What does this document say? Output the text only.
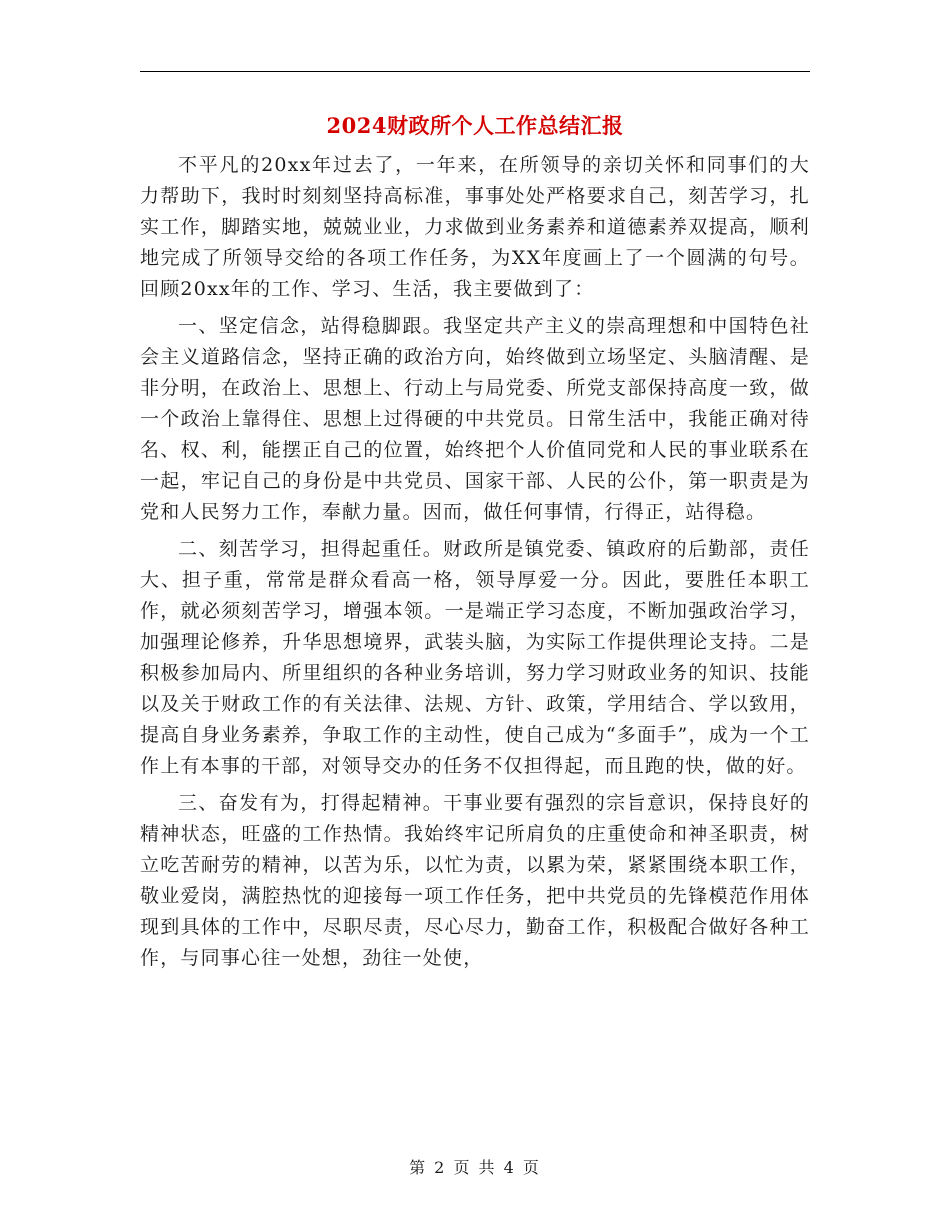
2024财政所个人工作总结汇报

不平凡的20xx年过去了，一年来，在所领导的亲切关怀和同事们的大力帮助下，我时时刻刻坚持高标准，事事处处严格要求自己，刻苦学习，扎实工作，脚踏实地，兢兢业业，力求做到业务素养和道德素养双提高，顺利地完成了所领导交给的各项工作任务，为XX年度画上了一个圆满的句号。回顾20xx年的工作、学习、生活，我主要做到了：

一、坚定信念，站得稳脚跟。我坚定共产主义的崇高理想和中国特色社会主义道路信念，坚持正确的政治方向，始终做到立场坚定、头脑清醒、是非分明，在政治上、思想上、行动上与局党委、所党支部保持高度一致，做一个政治上靠得住、思想上过得硬的中共党员。日常生活中，我能正确对待名、权、利，能摆正自己的位置，始终把个人价值同党和人民的事业联系在一起，牢记自己的身份是中共党员、国家干部、人民的公仆，第一职责是为党和人民努力工作，奉献力量。因而，做任何事情，行得正，站得稳。

二、刻苦学习，担得起重任。财政所是镇党委、镇政府的后勤部，责任大、担子重，常常是群众看高一格，领导厚爱一分。因此，要胜任本职工作，就必须刻苦学习，增强本领。一是端正学习态度，不断加强政治学习，加强理论修养，升华思想境界，武装头脑，为实际工作提供理论支持。二是积极参加局内、所里组织的各种业务培训，努力学习财政业务的知识、技能以及关于财政工作的有关法律、法规、方针、政策，学用结合、学以致用，提高自身业务素养，争取工作的主动性，使自己成为“多面手”，成为一个工作上有本事的干部，对领导交办的任务不仅担得起，而且跑的快，做的好。

三、奋发有为，打得起精神。干事业要有强烈的宗旨意识，保持良好的精神状态，旺盛的工作热情。我始终牢记所肩负的庄重使命和神圣职责，树立吃苦耐劳的精神，以苦为乐，以忙为责，以累为荣，紧紧围绕本职工作，敬业爱岗，满腔热忱的迎接每一项工作任务，把中共党员的先锋模范作用体现到具体的工作中，尽职尽责，尽心尽力，勤奋工作，积极配合做好各种工作，与同事心往一处想，劲往一处使，

第 2 页 共 4 页
